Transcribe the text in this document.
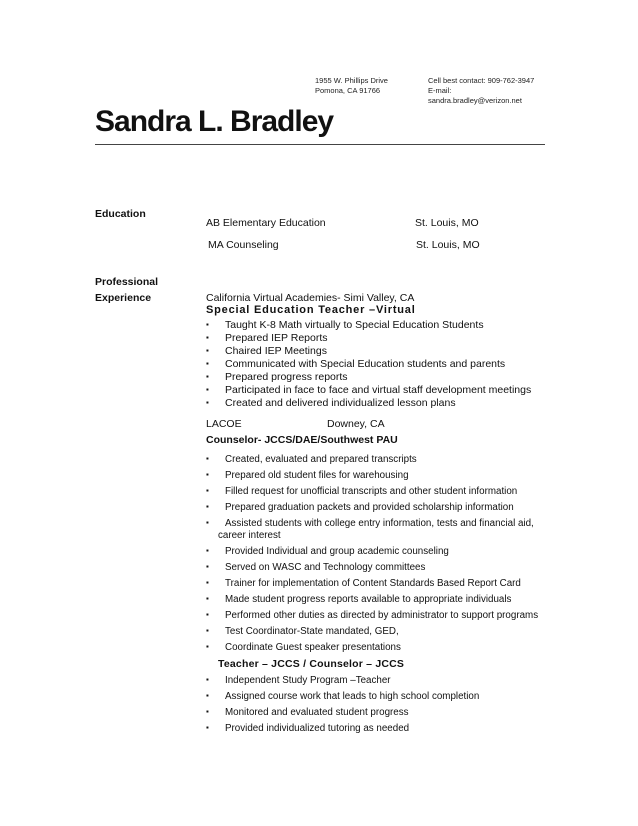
1955 W. Phillips Drive
Pomona, CA 91766
Cell best contact: 909-762-3947
E-mail:
sandra.bradley@verizon.net
Sandra L. Bradley
Education
AB Elementary Education	St. Louis, MO
MA Counseling	St. Louis, MO
Professional
Experience	California Virtual Academies- Simi Valley, CA
Special Education Teacher –Virtual
▪ Taught K-8 Math virtually to Special Education Students
▪ Prepared IEP Reports
▪ Chaired IEP Meetings
▪ Communicated with Special Education students and parents
▪ Prepared progress reports
▪ Participated in face to face and virtual staff development meetings
▪ Created and delivered individualized lesson plans
LACOE	Downey, CA
Counselor- JCCS/DAE/Southwest PAU
▪ Created, evaluated and prepared transcripts
▪ Prepared old student files for warehousing
▪ Filled request for unofficial transcripts and other student information
▪ Prepared graduation packets and provided scholarship information
▪ Assisted students with college entry information, tests and financial aid,
career interest
▪ Provided Individual and group academic counseling
▪ Served on WASC and Technology committees
▪ Trainer for implementation of Content Standards Based Report Card
▪ Made student progress reports available to appropriate individuals
▪ Performed other duties as directed by administrator to support programs
▪ Test Coordinator-State mandated, GED,
▪ Coordinate Guest speaker presentations
Teacher – JCCS / Counselor – JCCS
▪ Independent Study Program –Teacher
▪ Assigned course work that leads to high school completion
▪ Monitored and evaluated student progress
▪ Provided individualized tutoring as needed
